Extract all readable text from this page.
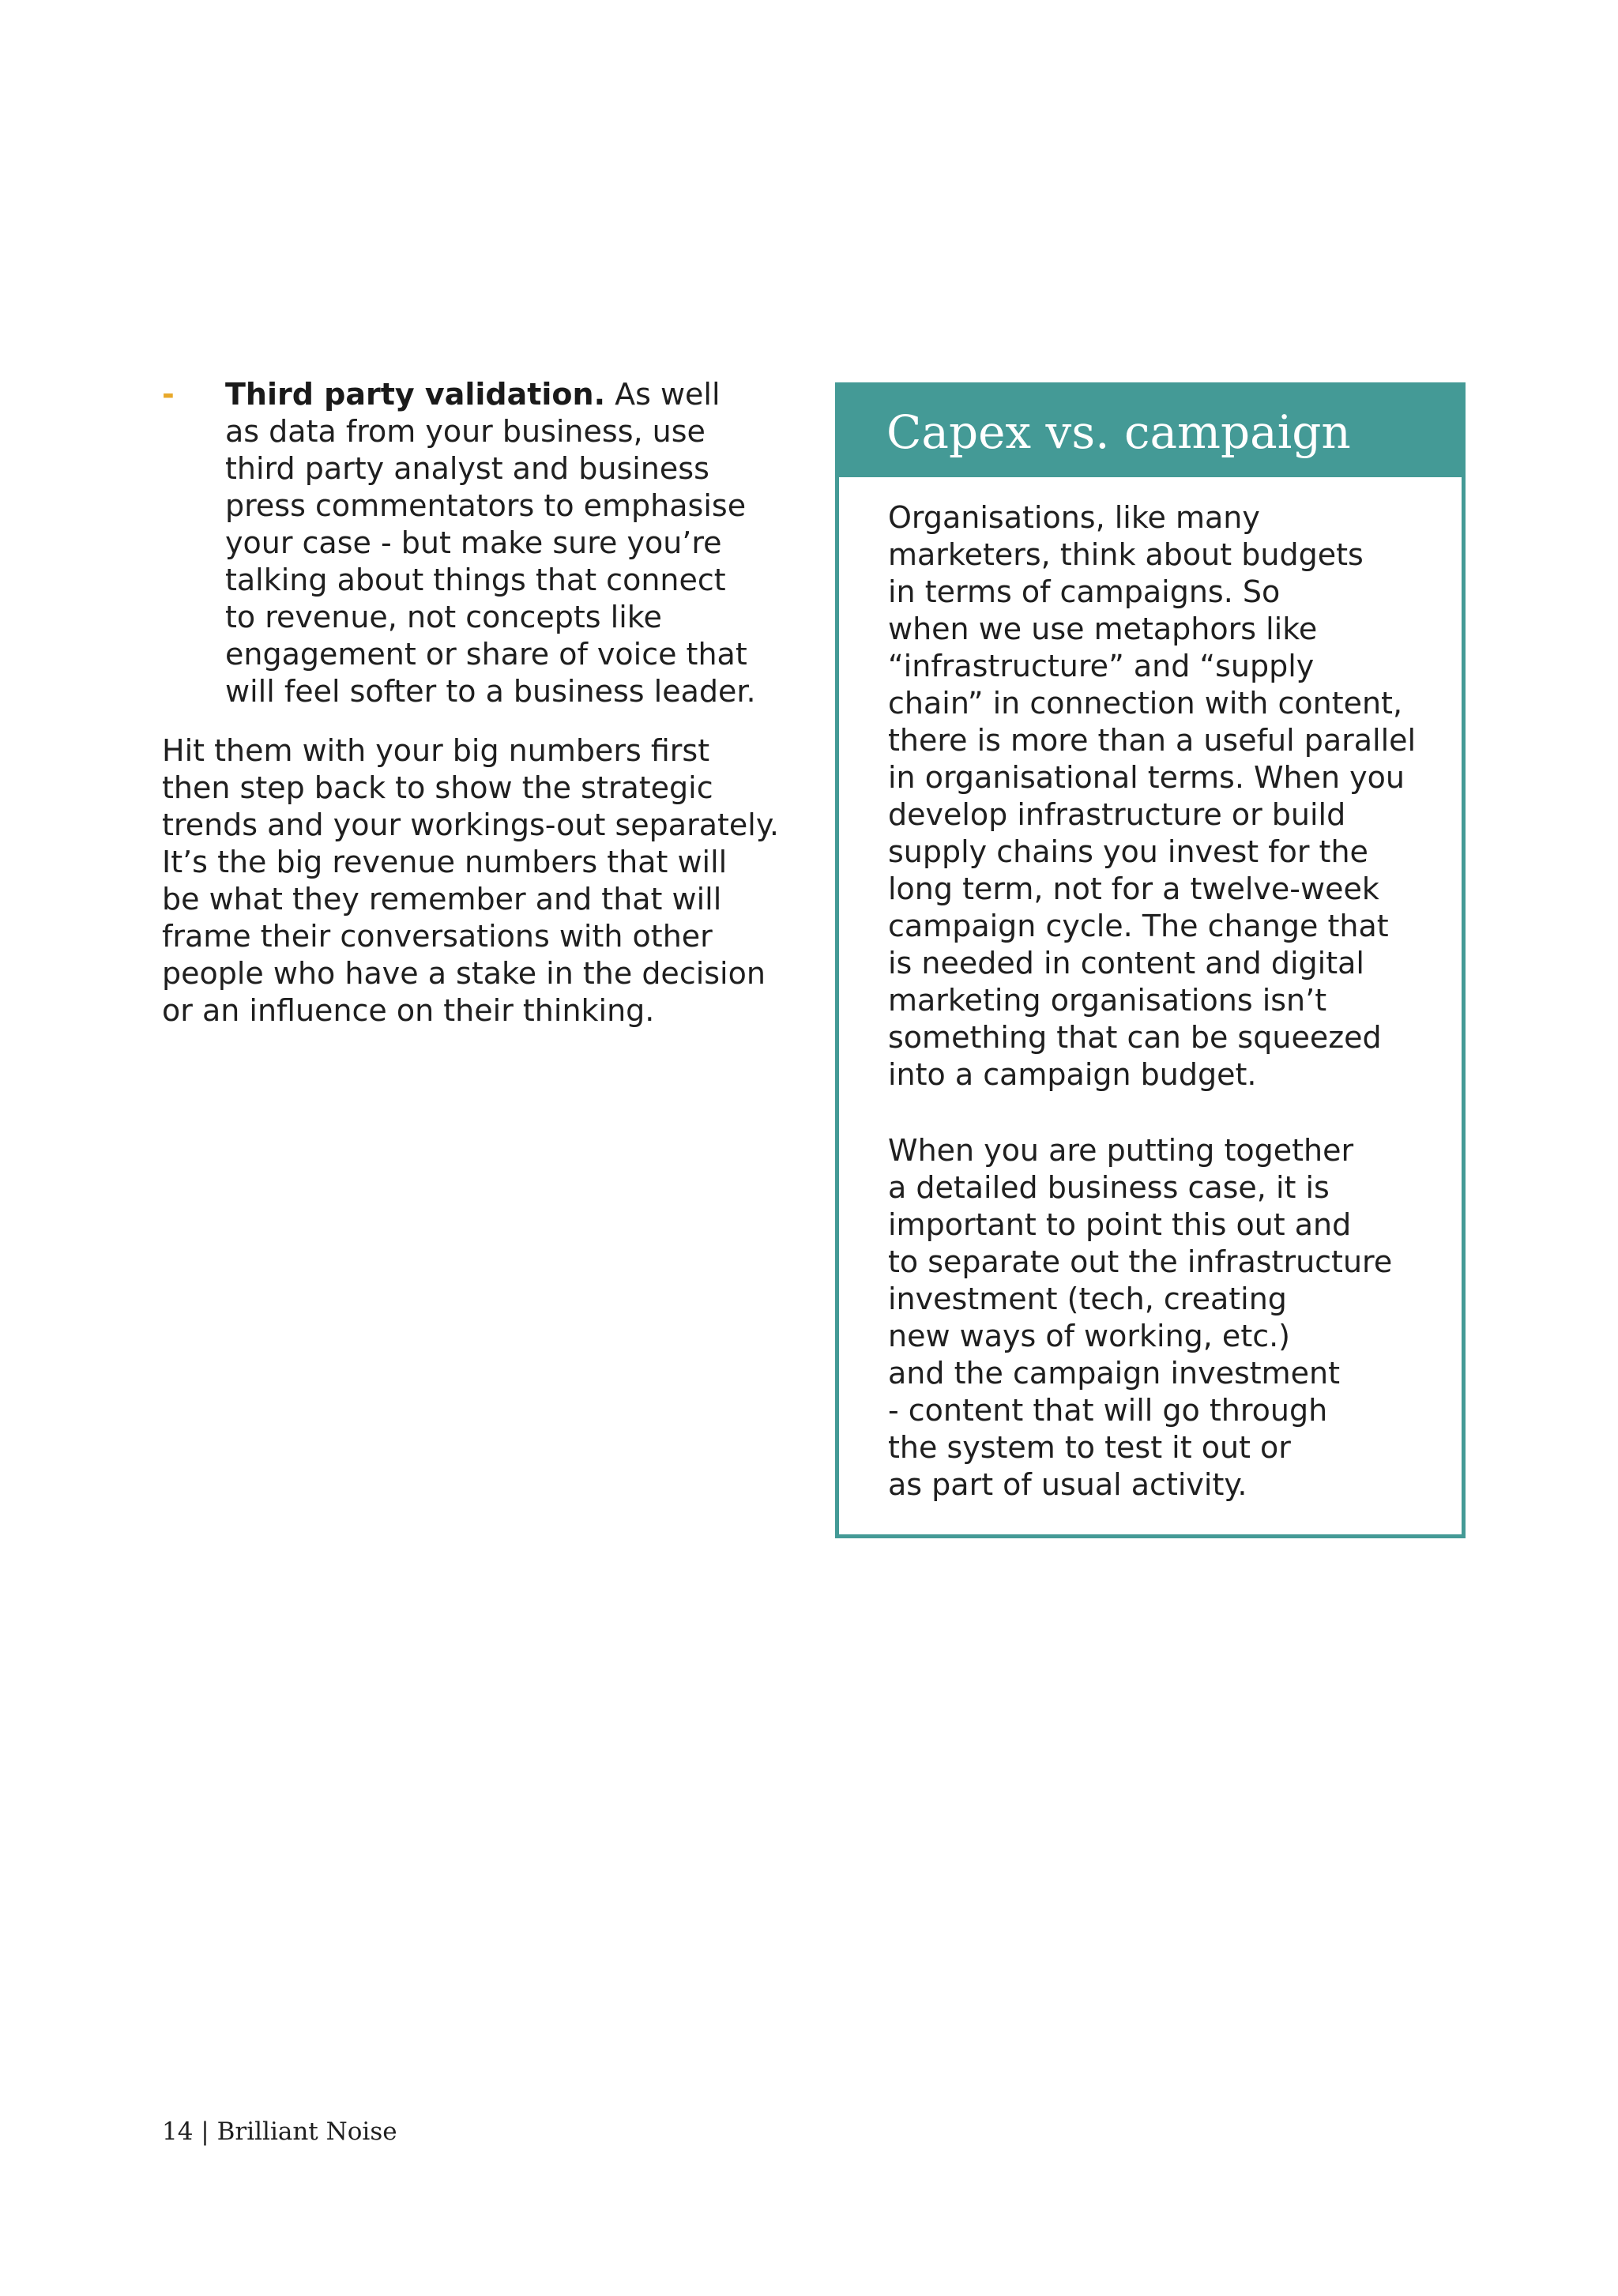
- Third party validation. As well
as data from your business, use
third party analyst and business
press commentators to emphasise
your case - but make sure you’re
talking about things that connect
to revenue, not concepts like
engagement or share of voice that
will feel softer to a business leader.
Hit them with your big numbers first
then step back to show the strategic
trends and your workings-out separately.
It’s the big revenue numbers that will
be what they remember and that will
frame their conversations with other
people who have a stake in the decision
or an influence on their thinking.
Capex vs. campaign
Organisations, like many
marketers, think about budgets
in terms of campaigns. So
when we use metaphors like
“infrastructure” and “supply
chain” in connection with content,
there is more than a useful parallel
in organisational terms. When you
develop infrastructure or build
supply chains you invest for the
long term, not for a twelve-week
campaign cycle. The change that
is needed in content and digital
marketing organisations isn’t
something that can be squeezed
into a campaign budget.
When you are putting together
a detailed business case, it is
important to point this out and
to separate out the infrastructure
investment (tech, creating
new ways of working, etc.)
and the campaign investment
- content that will go through
the system to test it out or
as part of usual activity.
14 | Brilliant Noise
